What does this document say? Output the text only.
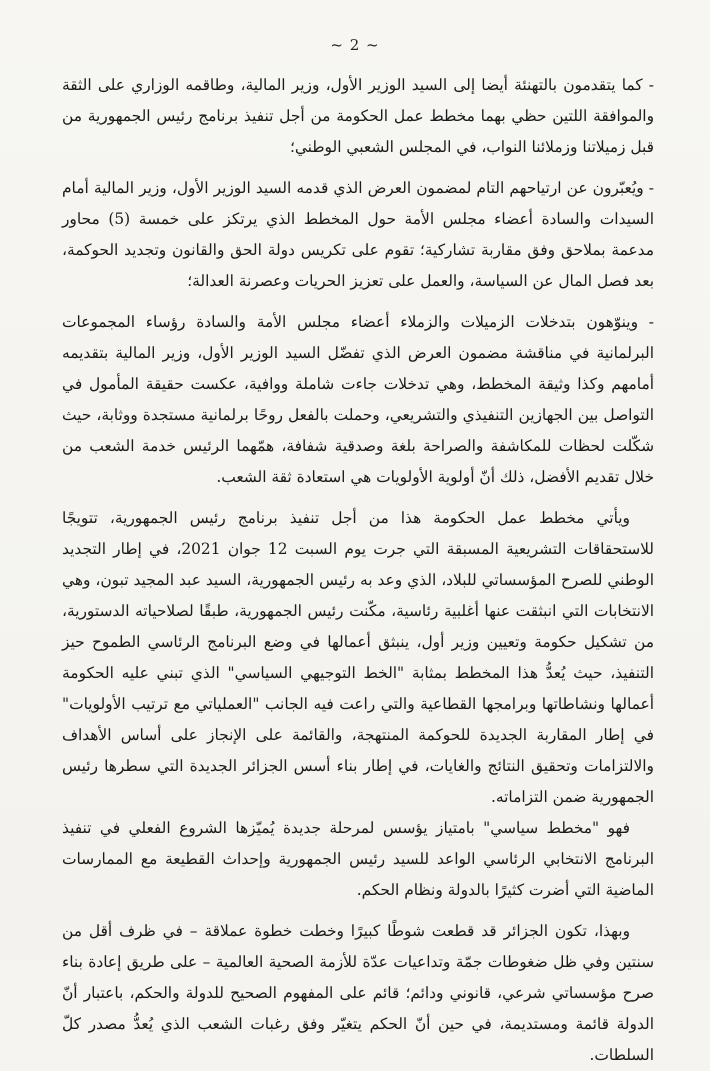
~ 2 ~

- كما يتقدمون بالتهنئة أيضا إلى السيد الوزير الأول، وزير المالية، وطاقمه الوزاري على الثقة والموافقة اللتين حظي بهما مخطط عمل الحكومة من أجل تنفيذ برنامج رئيس الجمهورية من قبل زميلاتنا وزملائنا النواب، في المجلس الشعبي الوطني؛

- ويُعبّرون عن ارتياحهم التام لمضمون العرض الذي قدمه السيد الوزير الأول، وزير المالية أمام السيدات والسادة أعضاء مجلس الأمة حول المخطط الذي يرتكز على خمسة (5) محاور مدعمة بملاحق وفق مقاربة تشاركية؛ تقوم على تكريس دولة الحق والقانون وتجديد الحوكمة، بعد فصل المال عن السياسة، والعمل على تعزيز الحريات وعصرنة العدالة؛

- وينوّهون بتدخلات الزميلات والزملاء أعضاء مجلس الأمة والسادة رؤساء المجموعات البرلمانية في مناقشة مضمون العرض الذي تفضّل السيد الوزير الأول، وزير المالية بتقديمه أمامهم وكذا وثيقة المخطط، وهي تدخلات جاءت شاملة ووافية، عكست حقيقة المأمول في التواصل بين الجهازين التنفيذي والتشريعي، وحملت بالفعل روحًا برلمانية مستجدة ووثابة، حيث شكّلت لحظات للمكاشفة والصراحة بلغة وصدقية شفافة، همّهما الرئيس خدمة الشعب من خلال تقديم الأفضل، ذلك أنّ أولوية الأولويات هي استعادة ثقة الشعب.

ويأتي مخطط عمل الحكومة هذا من أجل تنفيذ برنامج رئيس الجمهورية، تتويجًا للاستحقاقات التشريعية المسبقة التي جرت يوم السبت 12 جوان 2021، في إطار التجديد الوطني للصرح المؤسساتي للبلاد، الذي وعد به رئيس الجمهورية، السيد عبد المجيد تبون، وهي الانتخابات التي انبثقت عنها أغلبية رئاسية، مكّنت رئيس الجمهورية، طبقًا لصلاحياته الدستورية، من تشكيل حكومة وتعيين وزير أول، ينبثق أعمالها في وضع البرنامج الرئاسي الطموح حيز التنفيذ، حيث يُعدُّ هذا المخطط بمثابة "الخط التوجيهي السياسي" الذي تبني عليه الحكومة أعمالها ونشاطاتها وبرامجها القطاعية والتي راعت فيه الجانب "العملياتي مع ترتيب الأولويات" في إطار المقاربة الجديدة للحوكمة المنتهجة، والقائمة على الإنجاز على أساس الأهداف والالتزامات وتحقيق النتائج والغايات، في إطار بناء أسس الجزائر الجديدة التي سطرها رئيس الجمهورية ضمن التزاماته.

فهو "مخطط سياسي" بامتياز يؤسس لمرحلة جديدة يُميّزها الشروع الفعلي في تنفيذ البرنامج الانتخابي الرئاسي الواعد للسيد رئيس الجمهورية وإحداث القطيعة مع الممارسات الماضية التي أضرت كثيرًا بالدولة ونظام الحكم.

وبهذا، تكون الجزائر قد قطعت شوطًا كبيرًا وخطت خطوة عملاقة – في ظرف أقل من سنتين وفي ظل ضغوطات جمّة وتداعيات عدّة للأزمة الصحية العالمية – على طريق إعادة بناء صرح مؤسساتي شرعي، قانوني ودائم؛ قائم على المفهوم الصحيح للدولة والحكم، باعتبار أنّ الدولة قائمة ومستديمة، في حين أنّ الحكم يتغيّر وفق رغبات الشعب الذي يُعدُّ مصدر كلّ السلطات.
